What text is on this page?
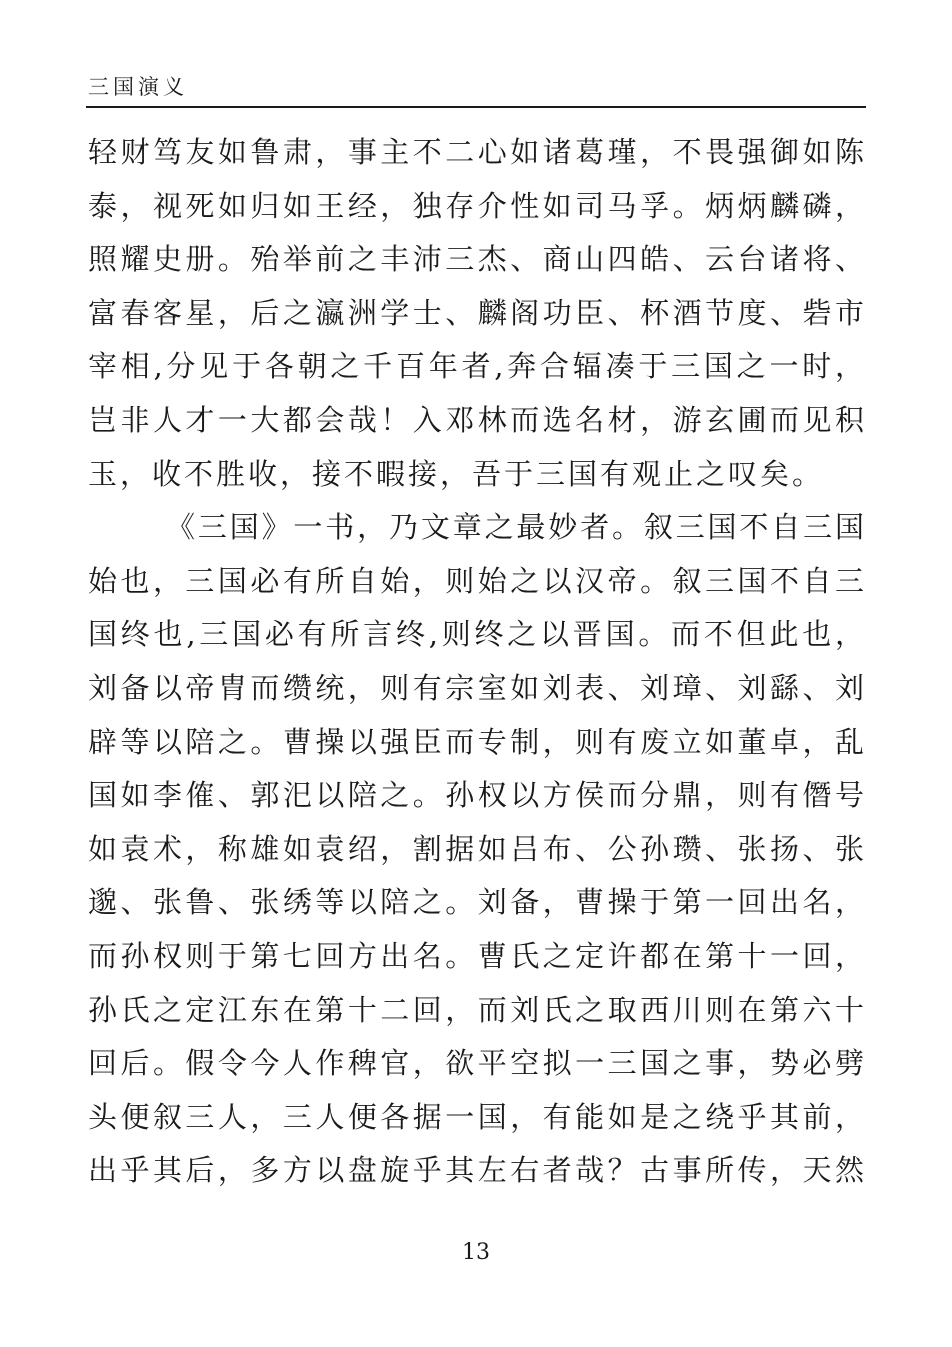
三国演义
轻财笃友如鲁肃，事主不二心如诸葛瑾，不畏强御如陈
泰，视死如归如王经，独存介性如司马孚。炳炳麟磷，
照耀史册。殆举前之丰沛三杰、商山四皓、云台诸将、
富春客星，后之瀛洲学士、麟阁功臣、杯酒节度、砦市
宰相,分见于各朝之千百年者,奔合辐凑于三国之一时，
岂非人才一大都会哉！入邓林而选名材，游玄圃而见积
玉，收不胜收，接不暇接，吾于三国有观止之叹矣。
《三国》一书，乃文章之最妙者。叙三国不自三国
始也，三国必有所自始，则始之以汉帝。叙三国不自三
国终也,三国必有所言终,则终之以晋国。而不但此也，
刘备以帝胄而缵统，则有宗室如刘表、刘璋、刘繇、刘
辟等以陪之。曹操以强臣而专制，则有废立如董卓，乱
国如李傕、郭汜以陪之。孙权以方侯而分鼎，则有僭号
如袁术，称雄如袁绍，割据如吕布、公孙瓒、张扬、张
邈、张鲁、张绣等以陪之。刘备，曹操于第一回出名，
而孙权则于第七回方出名。曹氏之定许都在第十一回，
孙氏之定江东在第十二回，而刘氏之取西川则在第六十
回后。假令今人作稗官，欲平空拟一三国之事，势必劈
头便叙三人，三人便各据一国，有能如是之绕乎其前，
出乎其后，多方以盘旋乎其左右者哉？古事所传，天然
13
